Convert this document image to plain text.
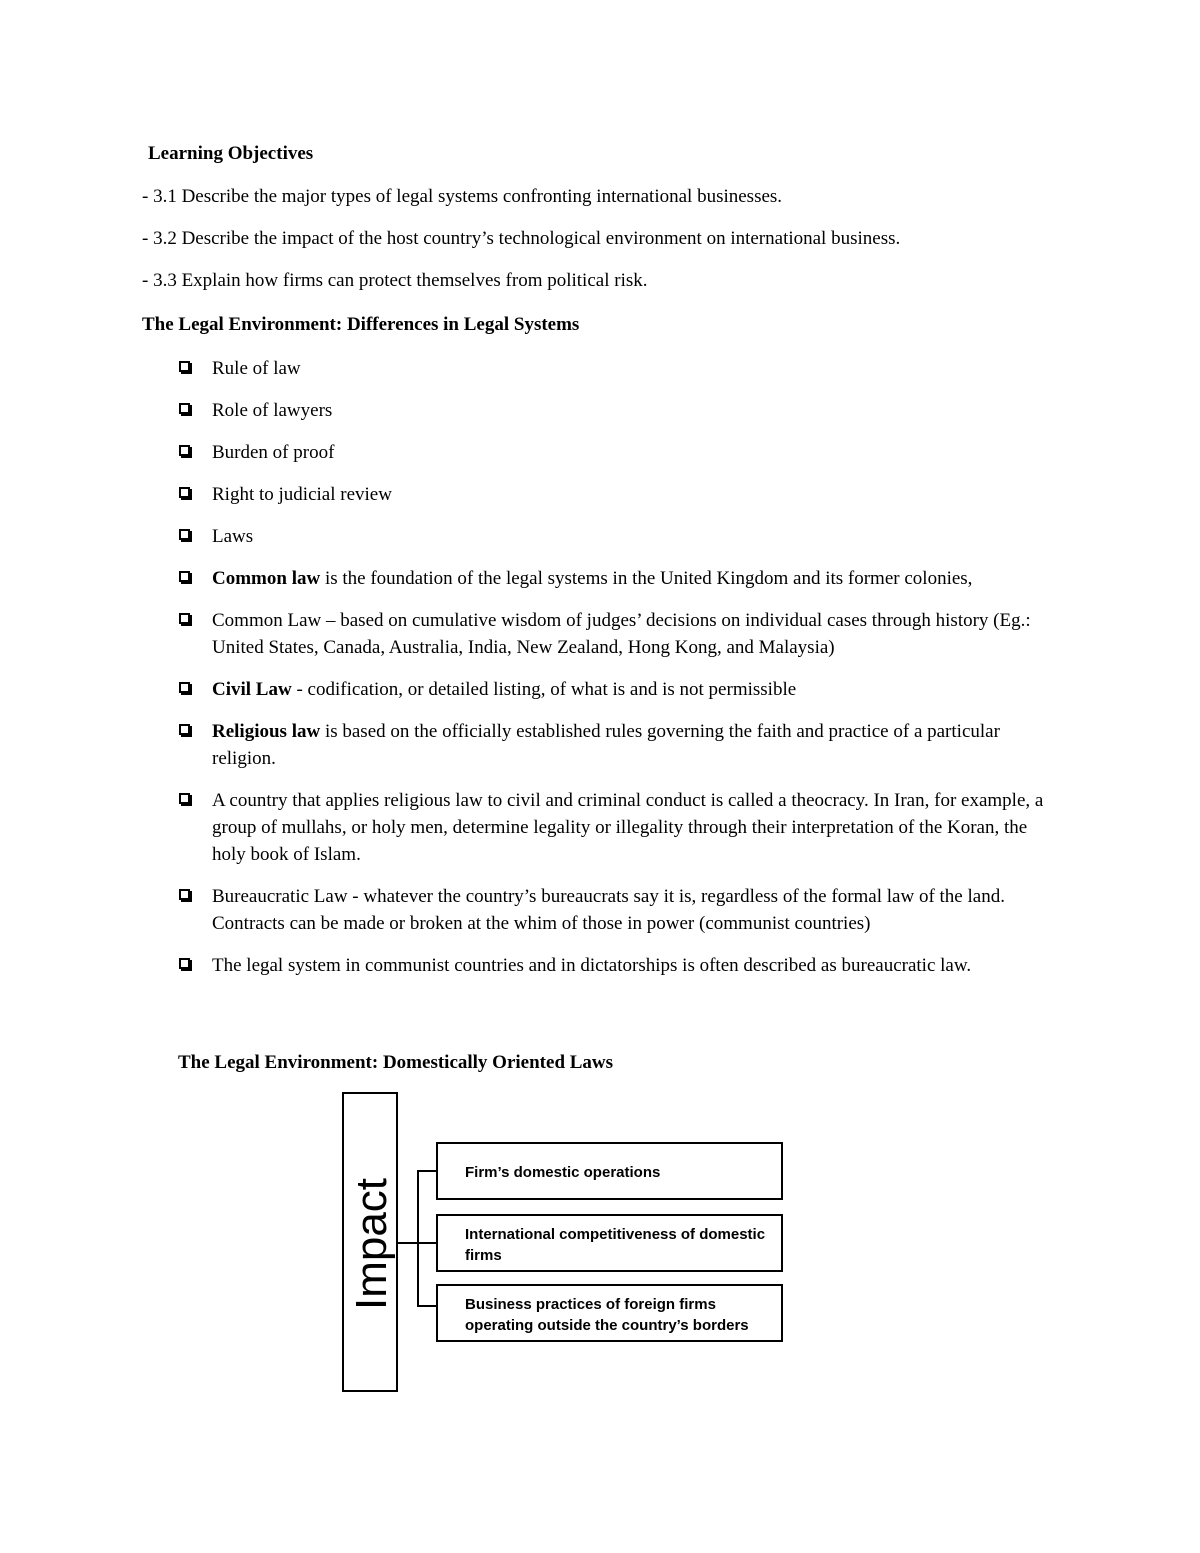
Learning Objectives
- 3.1 Describe the major types of legal systems confronting international businesses.
- 3.2 Describe the impact of the host country’s technological environment on international business.
- 3.3 Explain how firms can protect themselves from political risk.
The Legal Environment: Differences in Legal Systems
Rule of law
Role of lawyers
Burden of proof
Right to judicial review
Laws
Common law is the foundation of the legal systems in the United Kingdom and its former colonies,
Common Law – based on cumulative wisdom of judges’ decisions on individual cases through history (Eg.: United States, Canada, Australia, India, New Zealand, Hong Kong, and Malaysia)
Civil Law - codification, or detailed listing, of what is and is not permissible
Religious law is based on the officially established rules governing the faith and practice of a particular religion.
A country that applies religious law to civil and criminal conduct is called a theocracy. In Iran, for example, a group of mullahs, or holy men, determine legality or illegality through their interpretation of the Koran, the holy book of Islam.
Bureaucratic Law - whatever the country’s bureaucrats say it is, regardless of the formal law of the land. Contracts can be made or broken at the whim of those in power (communist countries)
The legal system in communist countries and in dictatorships is often described as bureaucratic law.
The Legal Environment: Domestically Oriented Laws
Impact
Firm’s domestic operations
International competitiveness of domestic firms
Business practices of foreign firms operating outside the country’s borders
